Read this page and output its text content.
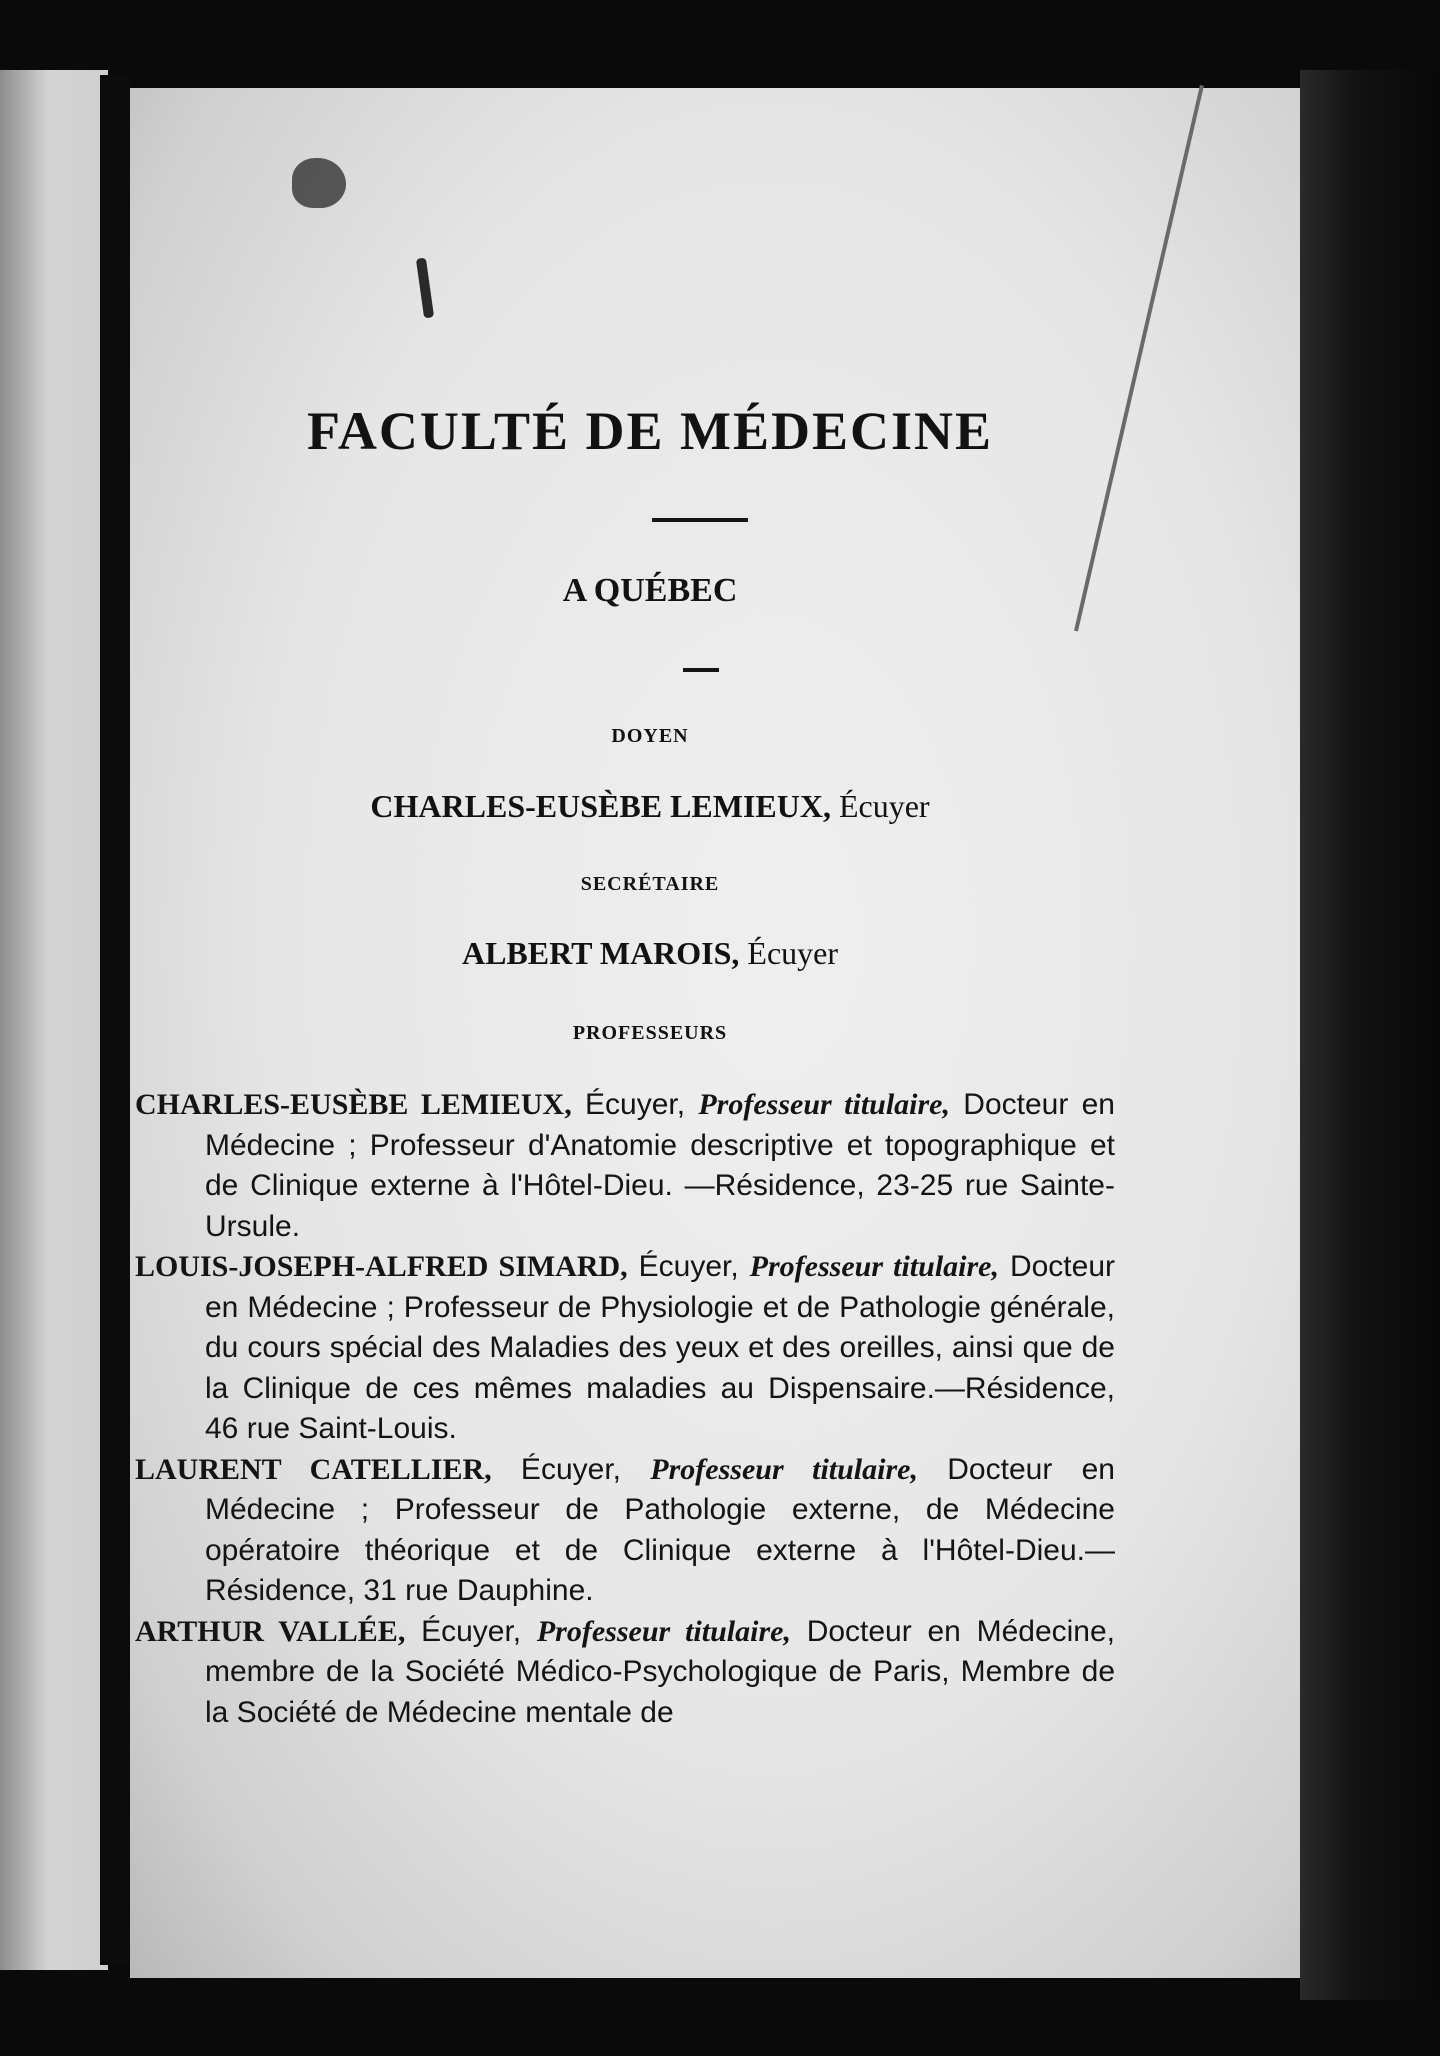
FACULTÉ DE MÉDECINE
A QUÉBEC
DOYEN
CHARLES-EUSÈBE LEMIEUX, Écuyer
SECRÉTAIRE
ALBERT MAROIS, Écuyer
PROFESSEURS

CHARLES-EUSÈBE LEMIEUX, Écuyer, Professeur titulaire, Docteur en Médecine ; Professeur d'Anatomie descriptive et topographique et de Clinique externe à l'Hôtel-Dieu. —Résidence, 23-25 rue Sainte-Ursule.

LOUIS-JOSEPH-ALFRED SIMARD, Écuyer, Professeur titulaire, Docteur en Médecine ; Professeur de Physiologie et de Pathologie générale, du cours spécial des Maladies des yeux et des oreilles, ainsi que de la Clinique de ces mêmes maladies au Dispensaire.—Résidence, 46 rue Saint-Louis.

LAURENT CATELLIER, Écuyer, Professeur titulaire, Docteur en Médecine ; Professeur de Pathologie externe, de Médecine opératoire théorique et de Clinique externe à l'Hôtel-Dieu.—Résidence, 31 rue Dauphine.

ARTHUR VALLÉE, Écuyer, Professeur titulaire, Docteur en Médecine, membre de la Société Médico-Psychologique de Paris, Membre de la Société de Médecine mentale de
